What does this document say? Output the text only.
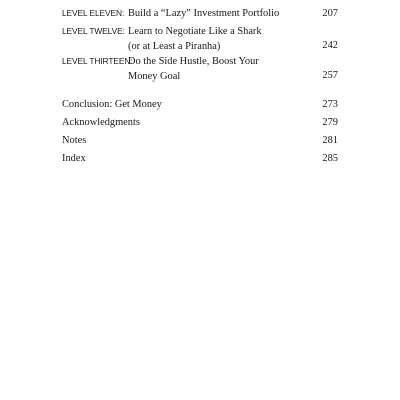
LEVEL ELEVEN: Build a “Lazy” Investment Portfolio	207
LEVEL TWELVE: Learn to Negotiate Like a Shark
(or at Least a Piranha)	242
LEVEL THIRTEEN:
Do the Side Hustle, Boost Your
Money Goal	257
Conclusion: Get Money	273
Acknowledgments	279
Notes	281
Index	285
